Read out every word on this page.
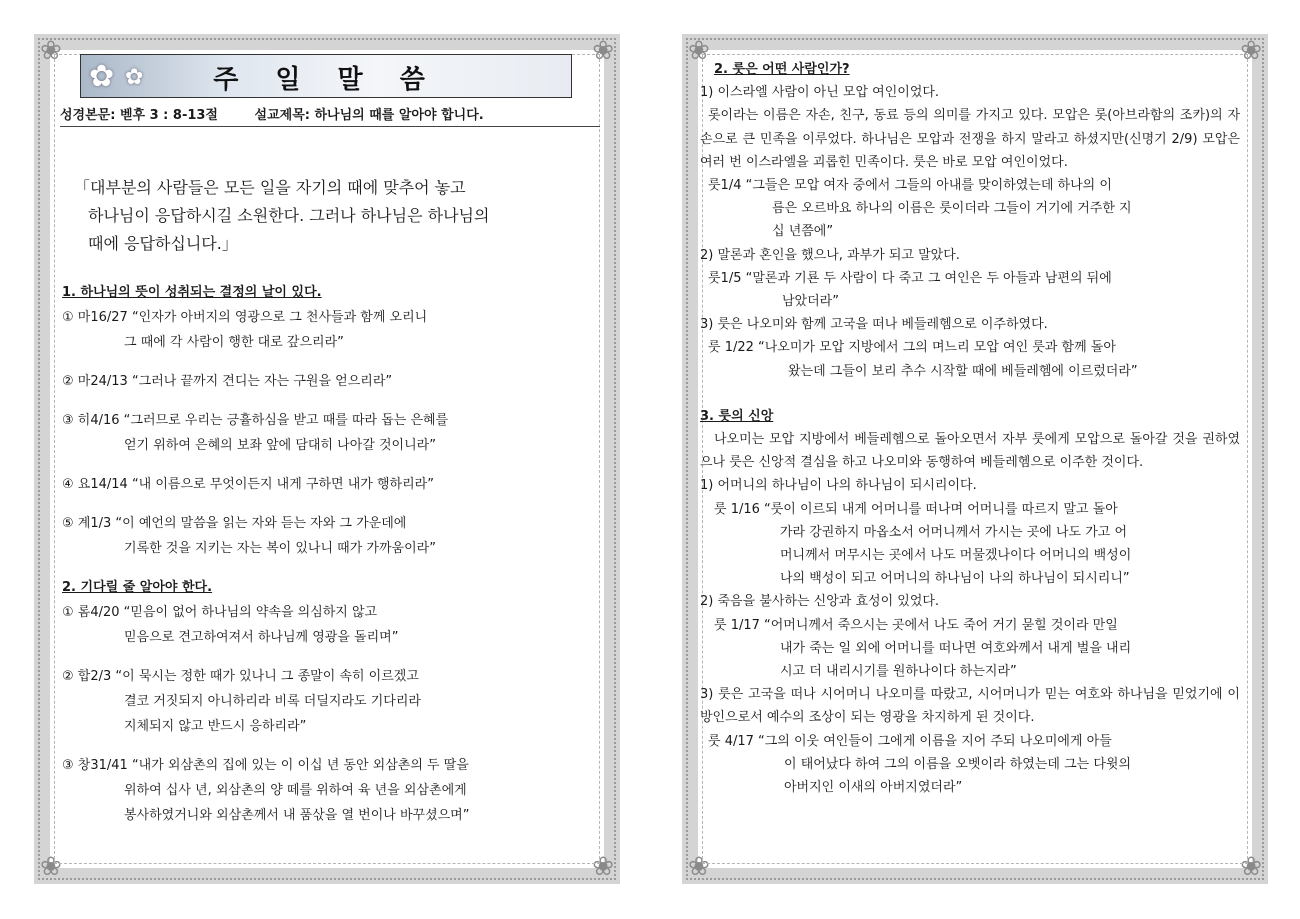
❀	❀
❀	❀
✿ ✿	주 일 말 씀
성경본문: 벧후 3 : 8-13절	설교제목: 하나님의 때를 알아야 합니다.
「대부분의 사람들은 모든 일을 자기의 때에 맞추어 놓고
하나님이 응답하시길 소원한다. 그러나 하나님은 하나님의
때에 응답하십니다.」
1. 하나님의 뜻이 성취되는 결정의 날이 있다.
① 마16/27 “인자가 아버지의 영광으로 그 천사들과 함께 오리니
그 때에 각 사람이 행한 대로 갚으리라”
② 마24/13 “그러나 끝까지 견디는 자는 구원을 얻으리라”
③ 히4/16 “그러므로 우리는 긍휼하심을 받고 때를 따라 돕는 은혜를
얻기 위하여 은혜의 보좌 앞에 담대히 나아갈 것이니라”
④ 요14/14 “내 이름으로 무엇이든지 내게 구하면 내가 행하리라”
⑤ 계1/3 “이 예언의 말씀을 읽는 자와 듣는 자와 그 가운데에
기록한 것을 지키는 자는 복이 있나니 때가 가까움이라”
2. 기다릴 줄 알아야 한다.
① 롬4/20 “믿음이 없어 하나님의 약속을 의심하지 않고
믿음으로 견고하여져서 하나님께 영광을 돌리며”
② 합2/3 “이 묵시는 정한 때가 있나니 그 종말이 속히 이르겠고
결코 거짓되지 아니하리라 비록 더딜지라도 기다리라
지체되지 않고 반드시 응하리라”
③ 창31/41 “내가 외삼촌의 집에 있는 이 이십 년 동안 외삼촌의 두 딸을
위하여 십사 년, 외삼촌의 양 떼를 위하여 육 년을 외삼촌에게
봉사하였거니와 외삼촌께서 내 품삯을 열 번이나 바꾸셨으며”
❀	❀
❀	❀
2. 룻은 어떤 사람인가?
1) 이스라엘 사람이 아닌 모압 여인이었다.
롯이라는 이름은 자손, 친구, 동료 등의 의미를 가지고 있다. 모압은 롯(아브라함의 조카)의 자손으로 큰 민족을 이루었다. 하나님은 모압과 전쟁을 하지 말라고 하셨지만(신명기 2/9) 모압은 여러 번 이스라엘을 괴롭힌 민족이다. 룻은 바로 모압 여인이었다.
룻1/4 “그들은 모압 여자 중에서 그들의 아내를 맞이하였는데 하나의 이
름은 오르바요 하나의 이름은 룻이더라 그들이 거기에 거주한 지
십 년쯤에”
2) 말론과 혼인을 했으나, 과부가 되고 말았다.
룻1/5 “말론과 기룐 두 사람이 다 죽고 그 여인은 두 아들과 남편의 뒤에
남았더라”
3) 룻은 나오미와 함께 고국을 떠나 베들레헴으로 이주하였다.
룻 1/22 “나오미가 모압 지방에서 그의 며느리 모압 여인 룻과 함께 돌아
왔는데 그들이 보리 추수 시작할 때에 베들레헴에 이르렀더라”
3. 룻의 신앙
나오미는 모압 지방에서 베들레헴으로 돌아오면서 자부 룻에게 모압으로 돌아갈 것을 권하였으나 룻은 신앙적 결심을 하고 나오미와 동행하여 베들레헴으로 이주한 것이다.
1) 어머니의 하나님이 나의 하나님이 되시리이다.
룻 1/16 “룻이 이르되 내게 어머니를 떠나며 어머니를 따르지 말고 돌아
가라 강권하지 마옵소서 어머니께서 가시는 곳에 나도 가고 어
머니께서 머무시는 곳에서 나도 머물겠나이다 어머니의 백성이
나의 백성이 되고 어머니의 하나님이 나의 하나님이 되시리니”
2) 죽음을 불사하는 신앙과 효성이 있었다.
룻 1/17 “어머니께서 죽으시는 곳에서 나도 죽어 거기 묻힐 것이라 만일
내가 죽는 일 외에 어머니를 떠나면 여호와께서 내게 벌을 내리
시고 더 내리시기를 원하나이다 하는지라”
3) 룻은 고국을 떠나 시어머니 나오미를 따랐고, 시어머니가 믿는 여호와 하나님을 믿었기에 이방인으로서 예수의 조상이 되는 영광을 차지하게 된 것이다.
룻 4/17 “그의 이웃 여인들이 그에게 이름을 지어 주되 나오미에게 아들
이 태어났다 하여 그의 이름을 오벳이라 하였는데 그는 다윗의
아버지인 이새의 아버지였더라”
